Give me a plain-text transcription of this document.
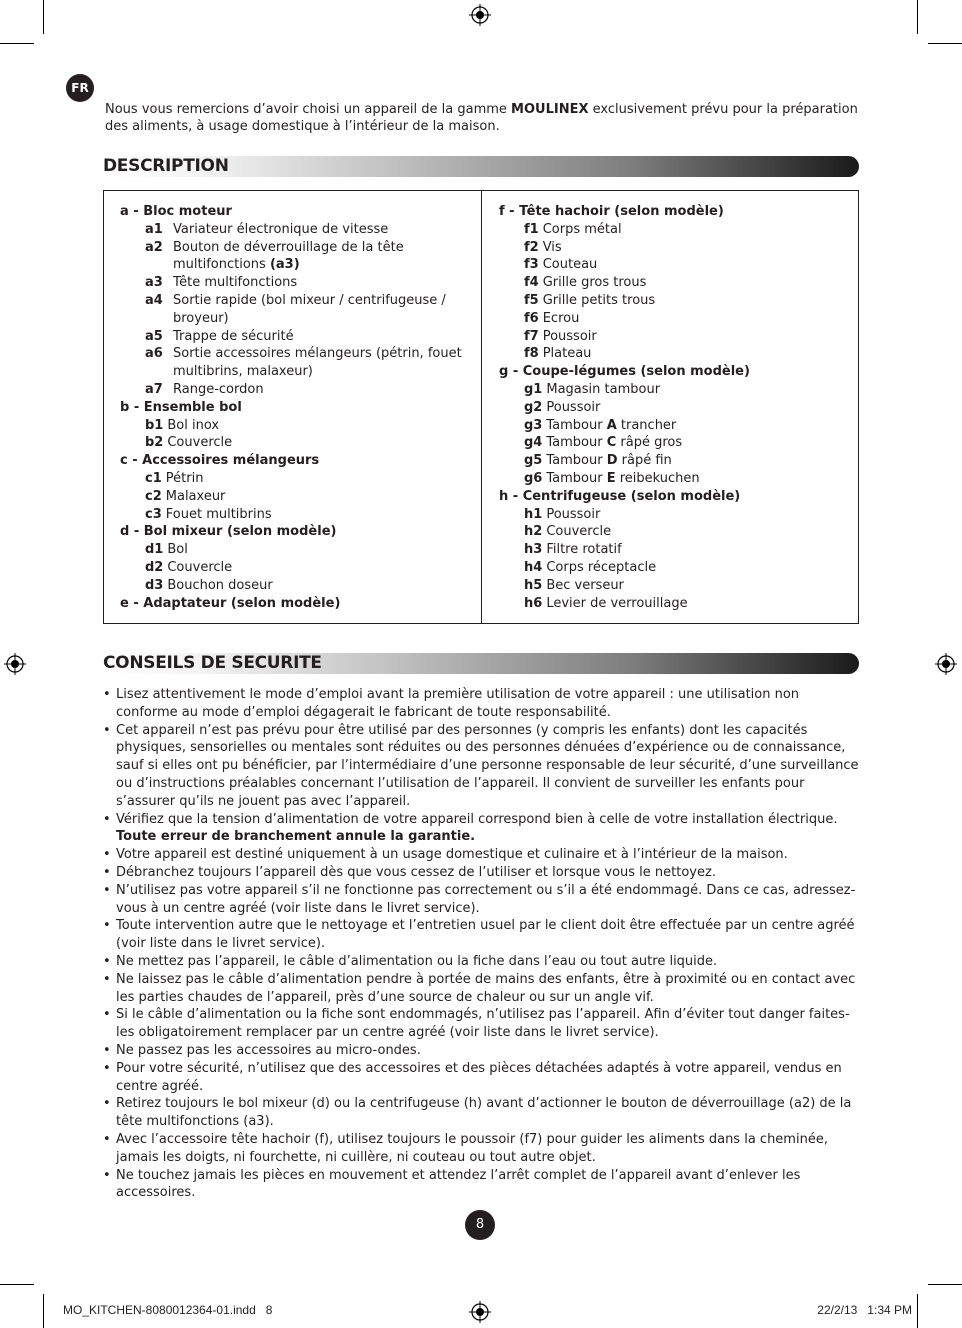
FR
Nous vous remercions d’avoir choisi un appareil de la gamme MOULINEX exclusivement prévu pour la préparation des aliments, à usage domestique à l’intérieur de la maison.
DESCRIPTION
a - Bloc moteur
a1 Variateur électronique de vitesse
a2 Bouton de déverrouillage de la tête multifonctions (a3)
a3 Tête multifonctions
a4 Sortie rapide (bol mixeur / centrifugeuse / broyeur)
a5 Trappe de sécurité
a6 Sortie accessoires mélangeurs (pétrin, fouet multibrins, malaxeur)
a7 Range-cordon
b - Ensemble bol
b1 Bol inox
b2 Couvercle
c - Accessoires mélangeurs
c1 Pétrin
c2 Malaxeur
c3 Fouet multibrins
d - Bol mixeur (selon modèle)
d1 Bol
d2 Couvercle
d3 Bouchon doseur
e - Adaptateur (selon modèle)
f - Tête hachoir (selon modèle)
f1 Corps métal
f2 Vis
f3 Couteau
f4 Grille gros trous
f5 Grille petits trous
f6 Ecrou
f7 Poussoir
f8 Plateau
g - Coupe-légumes (selon modèle)
g1 Magasin tambour
g2 Poussoir
g3 Tambour A trancher
g4 Tambour C râpé gros
g5 Tambour D râpé fin
g6 Tambour E reibekuchen
h - Centrifugeuse (selon modèle)
h1 Poussoir
h2 Couvercle
h3 Filtre rotatif
h4 Corps réceptacle
h5 Bec verseur
h6 Levier de verrouillage
CONSEILS DE SECURITE
• Lisez attentivement le mode d’emploi avant la première utilisation de votre appareil : une utilisation non conforme au mode d’emploi dégagerait le fabricant de toute responsabilité.
• Cet appareil n’est pas prévu pour être utilisé par des personnes (y compris les enfants) dont les capacités physiques, sensorielles ou mentales sont réduites ou des personnes dénuées d’expérience ou de connaissance, sauf si elles ont pu bénéficier, par l’intermédiaire d’une personne responsable de leur sécurité, d’une surveillance ou d’instructions préalables concernant l’utilisation de l’appareil. Il convient de surveiller les enfants pour s’assurer qu’ils ne jouent pas avec l’appareil.
• Vérifiez que la tension d’alimentation de votre appareil correspond bien à celle de votre installation électrique. Toute erreur de branchement annule la garantie.
• Votre appareil est destiné uniquement à un usage domestique et culinaire et à l’intérieur de la maison.
• Débranchez toujours l’appareil dès que vous cessez de l’utiliser et lorsque vous le nettoyez.
• N’utilisez pas votre appareil s’il ne fonctionne pas correctement ou s’il a été endommagé. Dans ce cas, adressez-vous à un centre agréé (voir liste dans le livret service).
• Toute intervention autre que le nettoyage et l’entretien usuel par le client doit être effectuée par un centre agréé (voir liste dans le livret service).
• Ne mettez pas l’appareil, le câble d’alimentation ou la fiche dans l’eau ou tout autre liquide.
• Ne laissez pas le câble d’alimentation pendre à portée de mains des enfants, être à proximité ou en contact avec les parties chaudes de l’appareil, près d’une source de chaleur ou sur un angle vif.
• Si le câble d’alimentation ou la fiche sont endommagés, n’utilisez pas l’appareil. Afin d’éviter tout danger faites-les obligatoirement remplacer par un centre agréé (voir liste dans le livret service).
• Ne passez pas les accessoires au micro-ondes.
• Pour votre sécurité, n’utilisez que des accessoires et des pièces détachées adaptés à votre appareil, vendus en centre agréé.
• Retirez toujours le bol mixeur (d) ou la centrifugeuse (h) avant d’actionner le bouton de déverrouillage (a2) de la tête multifonctions (a3).
• Avec l’accessoire tête hachoir (f), utilisez toujours le poussoir (f7) pour guider les aliments dans la cheminée, jamais les doigts, ni fourchette, ni cuillère, ni couteau ou tout autre objet.
• Ne touchez jamais les pièces en mouvement et attendez l’arrêt complet de l’appareil avant d’enlever les accessoires.
8
MO_KITCHEN-8080012364-01.indd   8	22/2/13   1:34 PM
